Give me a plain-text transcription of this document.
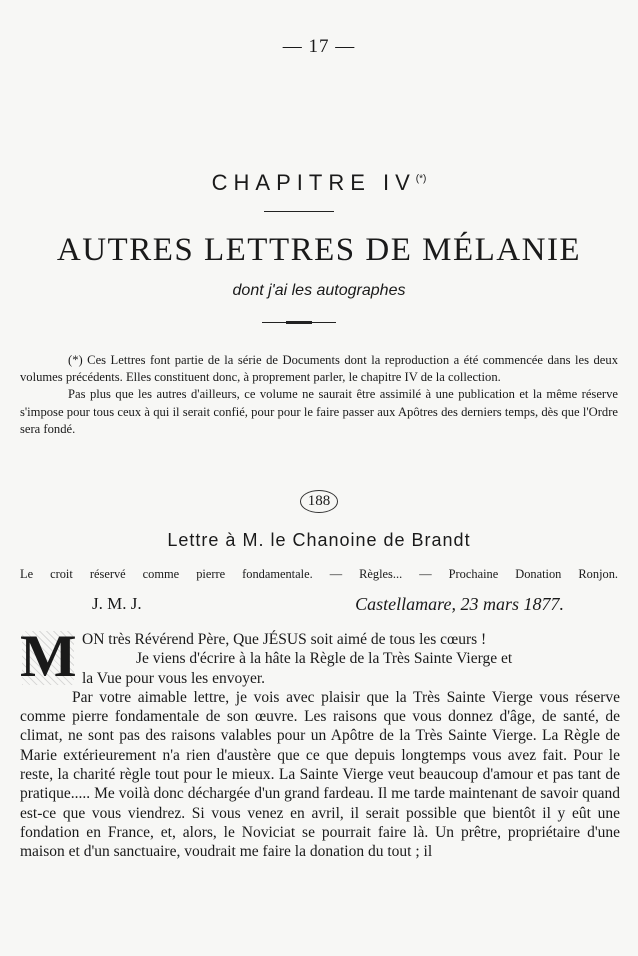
— 17 —
CHAPITRE IV(*)
AUTRES LETTRES DE MÉLANIE
dont j'ai les autographes

(*) Ces Lettres font partie de la série de Documents dont la reproduction a été commencée dans les deux volumes précédents. Elles constituent donc, à proprement parler, le chapitre IV de la collection.

Pas plus que les autres d'ailleurs, ce volume ne saurait être assimilé à une publication et la même réserve s'impose pour tous ceux à qui il serait confié, pour pour le faire passer aux Apôtres des derniers temps, dès que l'Ordre sera fondé.

188
Lettre à M. le Chanoine de Brandt
Le croit réservé comme pierre fondamentale. — Règles... — Prochaine Donation Ronjon.
J. M. J.	Castellamare, 23 mars 1877.
M ON très Révérend Père, Que JÉSUS soit aimé de tous les cœurs !

Je viens d'écrire à la hâte la Règle de la Très Sainte Vierge et

la Vue pour vous les envoyer.

Par votre aimable lettre, je vois avec plaisir que la Très Sainte Vierge vous réserve comme pierre fondamentale de son œuvre. Les raisons que vous donnez d'âge, de santé, de climat, ne sont pas des raisons valables pour un Apôtre de la Très Sainte Vierge. La Règle de Marie extérieurement n'a rien d'austère que ce que depuis longtemps vous avez fait. Pour le reste, la charité règle tout pour le mieux. La Sainte Vierge veut beaucoup d'amour et pas tant de pratique..... Me voilà donc déchargée d'un grand fardeau. Il me tarde maintenant de savoir quand est-ce que vous viendrez. Si vous venez en avril, il serait possible que bientôt il y eût une fondation en France, et, alors, le Noviciat se pourrait faire là. Un prêtre, propriétaire d'une maison et d'un sanctuaire, voudrait me faire la donation du tout ; il
